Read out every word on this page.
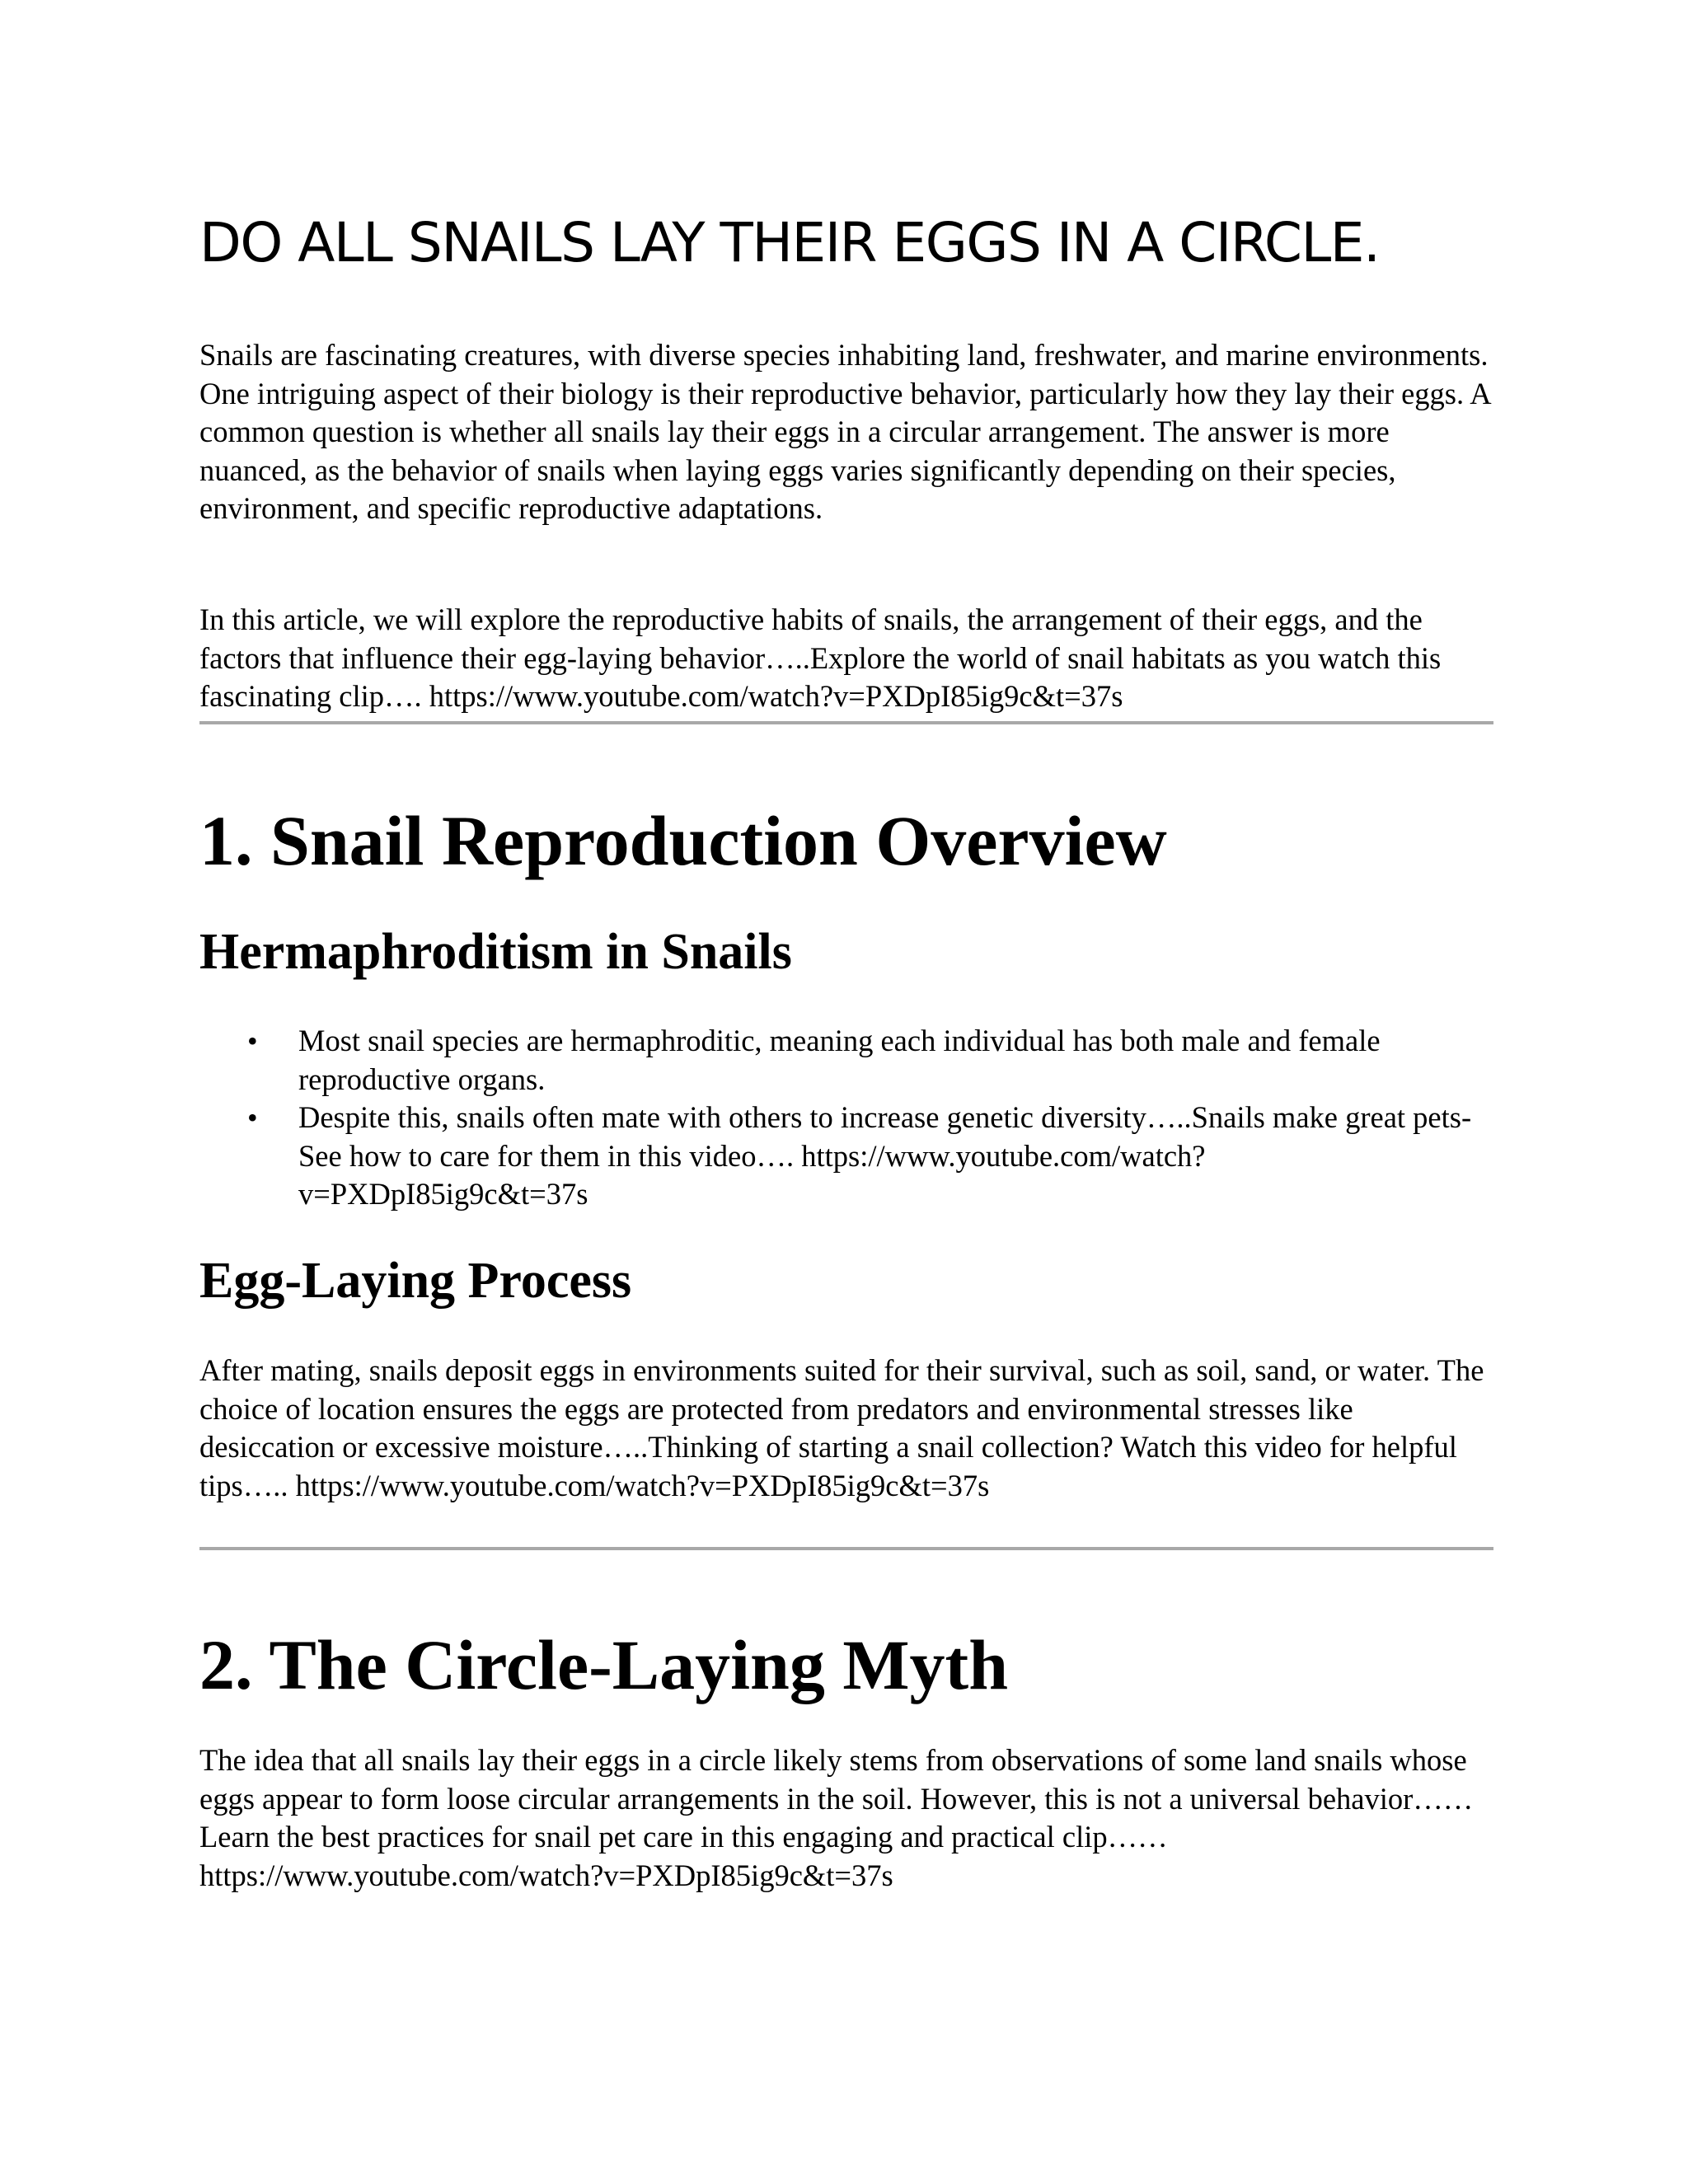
DO ALL SNAILS LAY THEIR EGGS IN A CIRCLE.

Snails are fascinating creatures, with diverse species inhabiting land, freshwater, and marine environments. One intriguing aspect of their biology is their reproductive behavior, particularly how they lay their eggs. A common question is whether all snails lay their eggs in a circular arrangement. The answer is more nuanced, as the behavior of snails when laying eggs varies significantly depending on their species, environment, and specific reproductive adaptations.

In this article, we will explore the reproductive habits of snails, the arrangement of their eggs, and the factors that influence their egg-laying behavior…..Explore the world of snail habitats as you watch this fascinating clip…. https://www.youtube.com/watch?v=PXDpI85ig9c&t=37s

1. Snail Reproduction Overview
Hermaphroditism in Snails
• Most snail species are hermaphroditic, meaning each individual has both male and female reproductive organs.
• Despite this, snails often mate with others to increase genetic diversity…..Snails make great pets- See how to care for them in this video…. https://www.youtube.com/watch?v=PXDpI85ig9c&t=37s
Egg-Laying Process

After mating, snails deposit eggs in environments suited for their survival, such as soil, sand, or water. The choice of location ensures the eggs are protected from predators and environmental stresses like desiccation or excessive moisture…..Thinking of starting a snail collection? Watch this video for helpful tips….. https://www.youtube.com/watch?v=PXDpI85ig9c&t=37s

2. The Circle-Laying Myth

The idea that all snails lay their eggs in a circle likely stems from observations of some land snails whose eggs appear to form loose circular arrangements in the soil. However, this is not a universal behavior……Learn the best practices for snail pet care in this engaging and practical clip…… https://www.youtube.com/watch?v=PXDpI85ig9c&t=37s
